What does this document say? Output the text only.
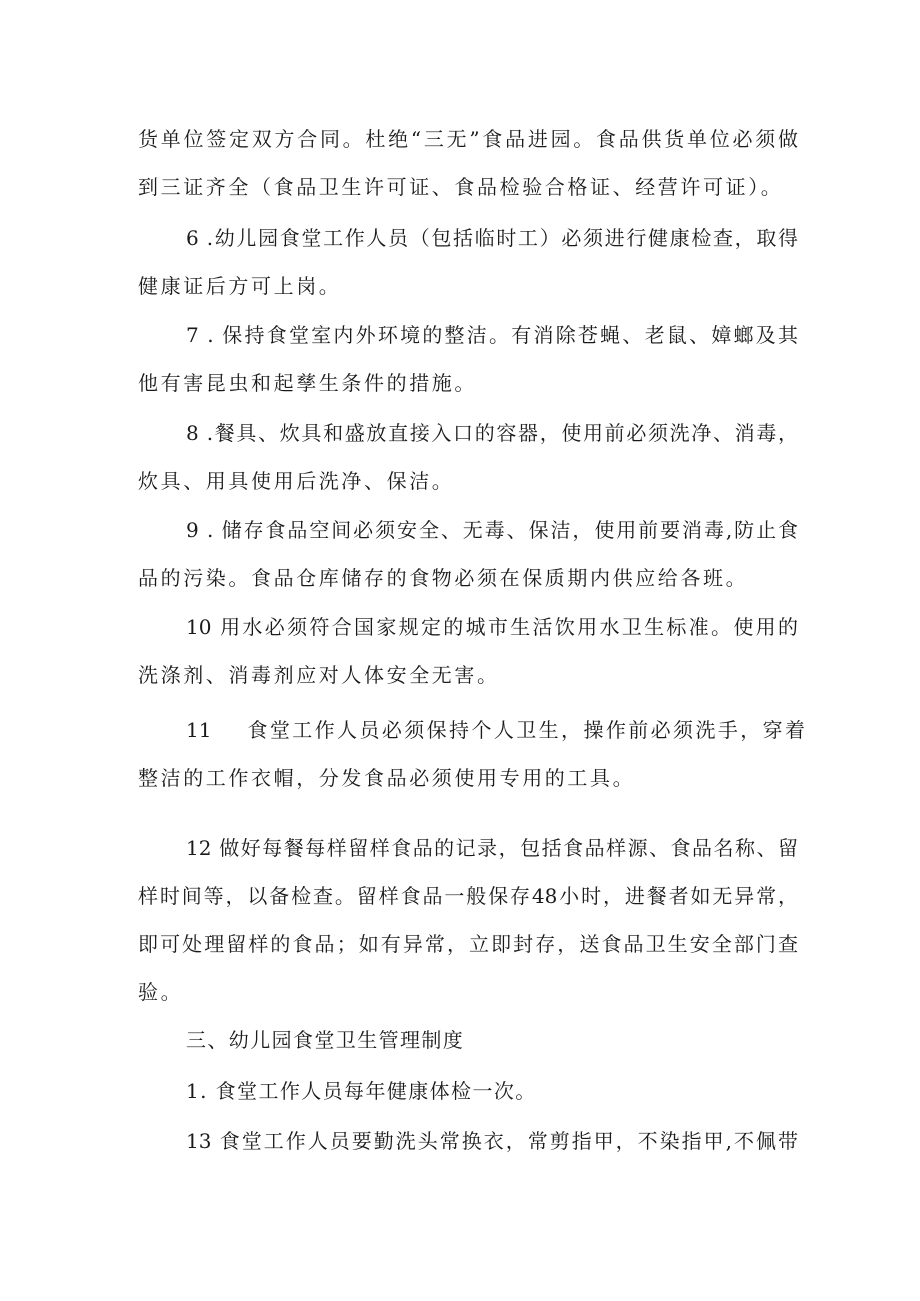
货单位签定双方合同。杜绝“三无”食品进园。食品供货单位必须做
到三证齐全（食品卫生许可证、食品检验合格证、经营许可证）。
6 .幼儿园食堂工作人员（包括临时工）必须进行健康检查，取得
健康证后方可上岗。
7 . 保持食堂室内外环境的整洁。有消除苍蝇、老鼠、嫜螂及其
他有害昆虫和起孳生条件的措施。
8 .餐具、炊具和盛放直接入口的容器，使用前必须洗净、消毒，
炊具、用具使用后洗净、保洁。
9 . 储存食品空间必须安全、无毒、保洁，使用前要消毒,防止食
品的污染。食品仓库储存的食物必须在保质期内供应给各班。
10 用水必须符合国家规定的城市生活饮用水卫生标准。使用的
洗涤剂、消毒剂应对人体安全无害。
11 食堂工作人员必须保持个人卫生，操作前必须洗手，穿着
整洁的工作衣帽，分发食品必须使用专用的工具。
12 做好每餐每样留样食品的记录，包括食品样源、食品名称、留
样时间等，以备检查。留样食品一般保存48小时，进餐者如无异常，
即可处理留样的食品；如有异常，立即封存，送食品卫生安全部门查
验。
三、幼儿园食堂卫生管理制度
1. 食堂工作人员每年健康体检一次。
13 食堂工作人员要勤洗头常换衣，常剪指甲，不染指甲,不佩带
